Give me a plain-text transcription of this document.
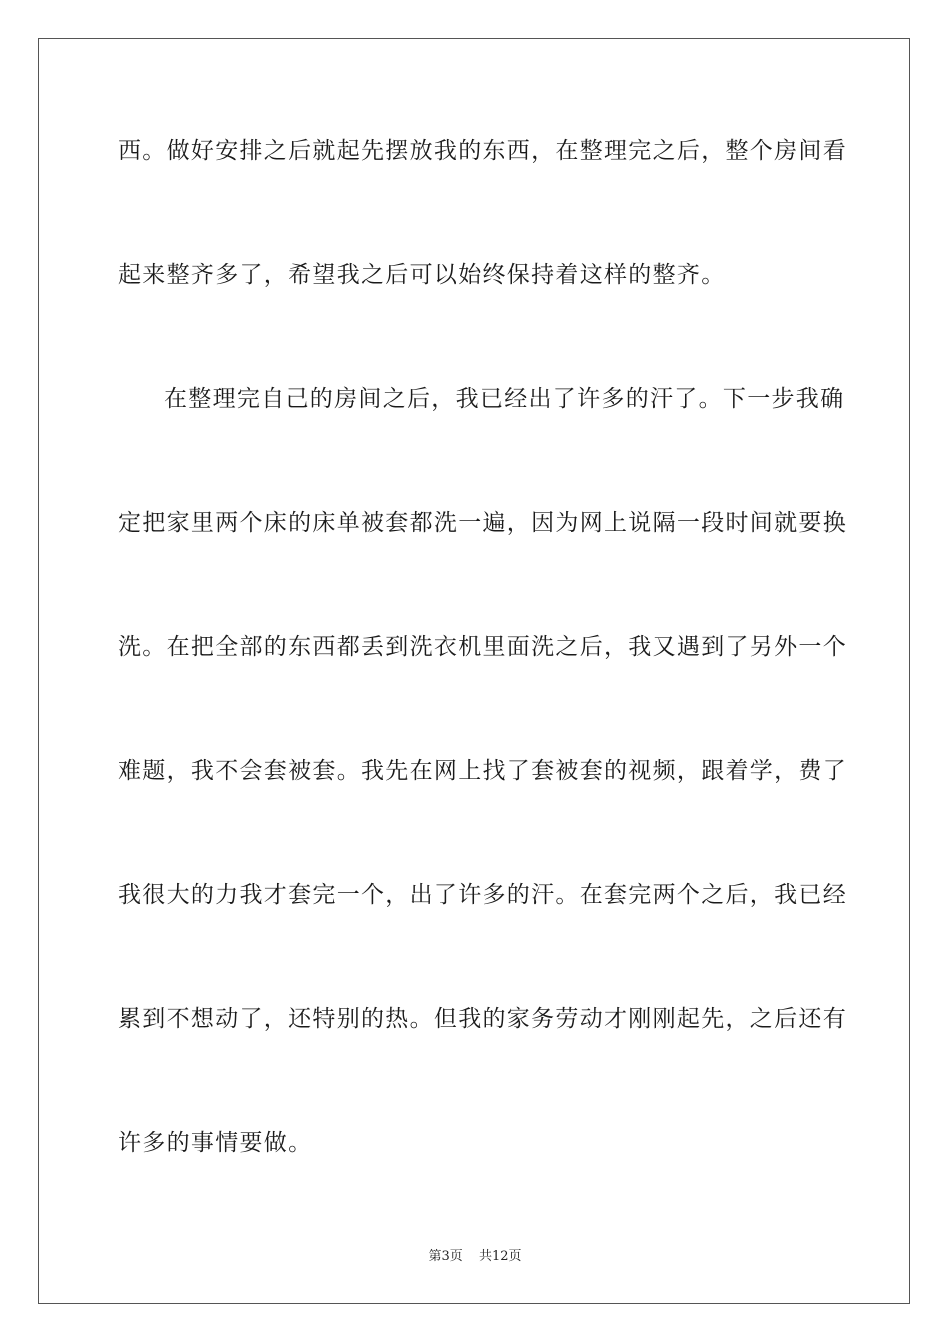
西。做好安排之后就起先摆放我的东西，在整理完之后，整个房间看
起来整齐多了，希望我之后可以始终保持着这样的整齐。
在整理完自己的房间之后，我已经出了许多的汗了。下一步我确
定把家里两个床的床单被套都洗一遍，因为网上说隔一段时间就要换
洗。在把全部的东西都丢到洗衣机里面洗之后，我又遇到了另外一个
难题，我不会套被套。我先在网上找了套被套的视频，跟着学，费了
我很大的力我才套完一个，出了许多的汗。在套完两个之后，我已经
累到不想动了，还特别的热。但我的家务劳动才刚刚起先，之后还有
许多的事情要做。
第3页 共12页
